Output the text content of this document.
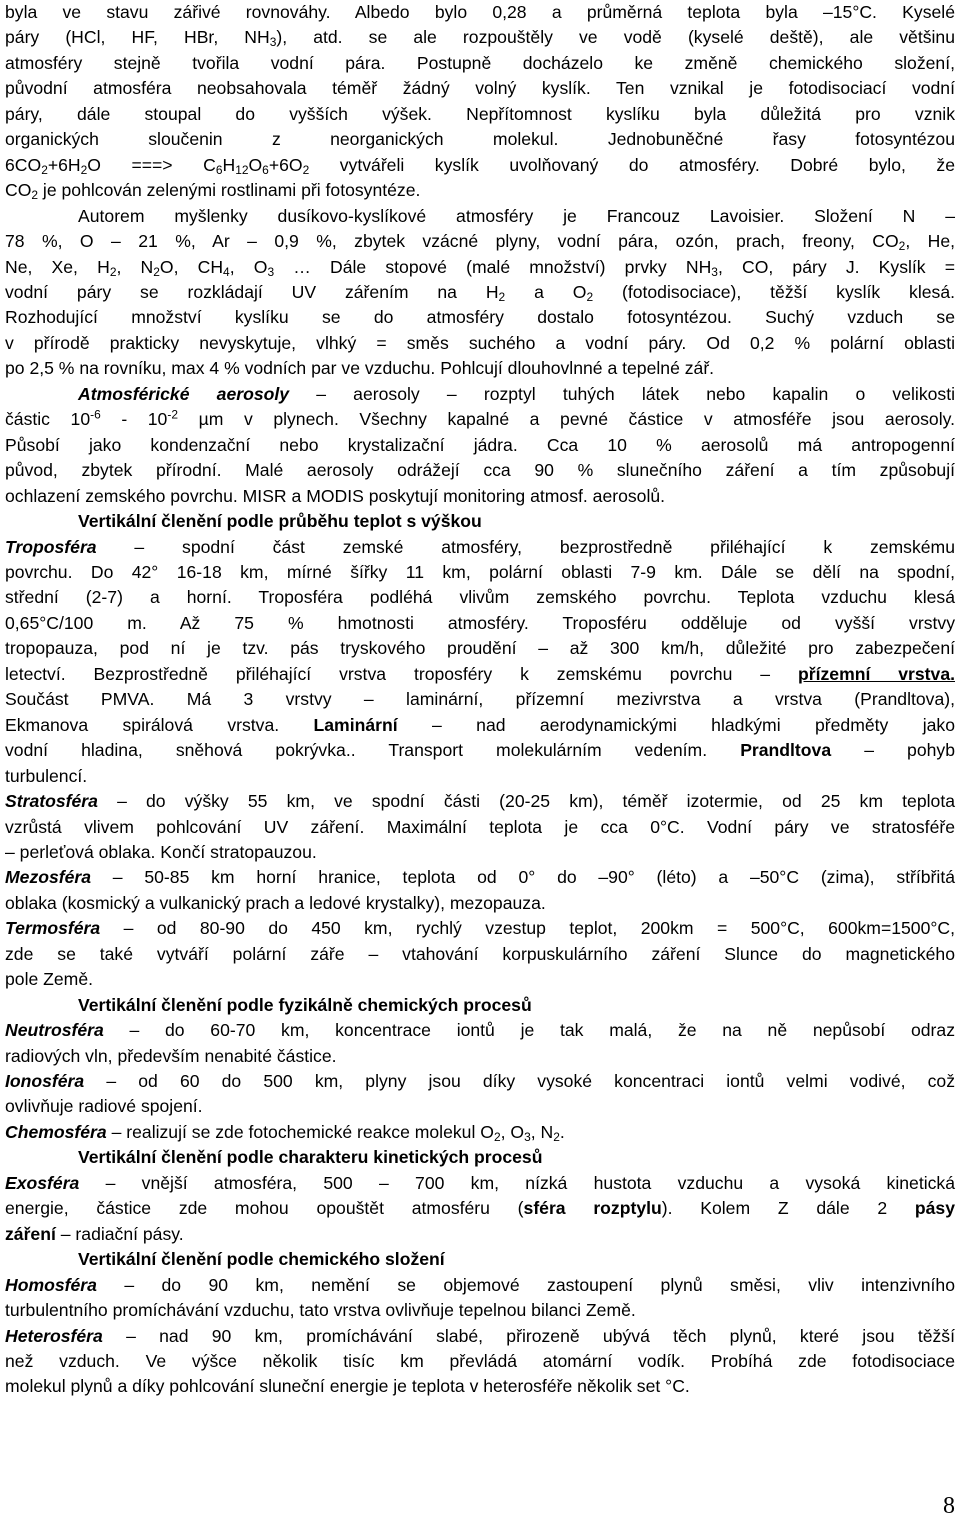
byla ve stavu zářivé rovnováhy. Albedo bylo 0,28 a průměrná teplota byla –15°C. Kyselé
páry (HCl, HF, HBr, $NH_3$), atd. se ale rozpouštěly ve vodě (kyselé deště), ale většinu
atmosféry stejně tvořila vodní pára. Postupně docházelo ke změně chemického složení,
původní atmosféra neobsahovala téměř žádný volný kyslík. Ten vznikal je fotodisociací vodní
páry, dále stoupal do vyšších výšek. Nepřítomnost kyslíku byla důležitá pro vznik
organických sloučenin z neorganických molekul. Jednobuněčné řasy fotosyntézou
$6CO_2+6H_2O$ ===> $C_6H_{12}O_6+6O_2$ vytvářeli kyslík uvolňovaný do atmosféry. Dobré bylo, že
$CO_2$ je pohlcován zelenými rostlinami při fotosyntéze.
Autorem myšlenky dusíkovo-kyslíkové atmosféry je Francouz Lavoisier. Složení N –
78 %, O – 21 %, Ar – 0,9 %, zbytek vzácné plyny, vodní pára, ozón, prach, freony, $CO_2$, He,
Ne, Xe, $H_2$, $N_2O$, $CH_4$, $O_3$ … Dále stopové (malé množství) prvky $NH_3$, CO, páry J. Kyslík =
vodní páry se rozkládají UV zářením na $H_2$ a $O_2$ (fotodisociace), těžší kyslík klesá.
Rozhodující množství kyslíku se do atmosféry dostalo fotosyntézou. Suchý vzduch se
v přírodě prakticky nevyskytuje, vlhký = směs suchého a vodní páry. Od 0,2 % polární oblasti
po 2,5 % na rovníku, max 4 % vodních par ve vzduchu. Pohlcují dlouhovlnné a tepelné zář.
Atmosférické aerosoly – aerosoly – rozptyl tuhých látek nebo kapalin o velikosti
částic $10^{-6} - 10^{-2}$ µm v plynech. Všechny kapalné a pevné částice v atmosféře jsou aerosoly.
Působí jako kondenzační nebo krystalizační jádra. Cca 10 % aerosolů má antropogenní
původ, zbytek přírodní. Malé aerosoly odrážejí cca 90 % slunečního záření a tím způsobují
ochlazení zemského povrchu. MISR a MODIS poskytují monitoring atmosf. aerosolů.
Vertikální členění podle průběhu teplot s výškou
Troposféra – spodní část zemské atmosféry, bezprostředně přiléhající k zemskému
povrchu. Do 42° 16-18 km, mírné šířky 11 km, polární oblasti 7-9 km. Dále se dělí na spodní,
střední (2-7) a horní. Troposféra podléhá vlivům zemského povrchu. Teplota vzduchu klesá
0,65°C/100 m. Až 75 % hmotnosti atmosféry. Troposféru odděluje od vyšší vrstvy
tropopauza, pod ní je tzv. pás tryskového proudění – až 300 km/h, důležité pro zabezpečení
letectví. Bezprostředně přiléhající vrstva troposféry k zemskému povrchu – přízemní vrstva.
Součást PMVA. Má 3 vrstvy – laminární, přízemní mezivrstva a vrstva (Prandltova),
Ekmanova spirálová vrstva. Laminární – nad aerodynamickými hladkými předměty jako
vodní hladina, sněhová pokrývka.. Transport molekulárním vedením. Prandltova – pohyb
turbulencí.
Stratosféra – do výšky 55 km, ve spodní části (20-25 km), téměř izotermie, od 25 km teplota
vzrůstá vlivem pohlcování UV záření. Maximální teplota je cca 0°C. Vodní páry ve stratosféře
– perleťová oblaka. Končí stratopauzou.
Mezosféra – 50-85 km horní hranice, teplota od 0° do –90° (léto) a –50°C (zima), stříbřitá
oblaka (kosmický a vulkanický prach a ledové krystalky), mezopauza.
Termosféra – od 80-90 do 450 km, rychlý vzestup teplot, 200km = 500°C, 600km=1500°C,
zde se také vytváří polární záře – vtahování korpuskulárního záření Slunce do magnetického
pole Země.
Vertikální členění podle fyzikálně chemických procesů
Neutrosféra – do 60-70 km, koncentrace iontů je tak malá, že na ně nepůsobí odraz
radiových vln, především nenabité částice.
Ionosféra – od 60 do 500 km, plyny jsou díky vysoké koncentraci iontů velmi vodivé, což
ovlivňuje radiové spojení.
Chemosféra – realizují se zde fotochemické reakce molekul $O_2$, $O_3$, $N_2$.
Vertikální členění podle charakteru kinetických procesů
Exosféra – vnější atmosféra, 500 – 700 km, nízká hustota vzduchu a vysoká kinetická
energie, částice zde mohou opouštět atmosféru (sféra rozptylu). Kolem Z dále 2 pásy
záření – radiační pásy.
Vertikální členění podle chemického složení
Homosféra – do 90 km, nemění se objemové zastoupení plynů směsi, vliv intenzivního
turbulentního promíchávání vzduchu, tato vrstva ovlivňuje tepelnou bilanci Země.
Heterosféra – nad 90 km, promíchávání slabé, přirozeně ubývá těch plynů, které jsou těžší
než vzduch. Ve výšce několik tisíc km převládá atomární vodík. Probíhá zde fotodisociace
molekul plynů a díky pohlcování sluneční energie je teplota v heterosféře několik set °C.
8
